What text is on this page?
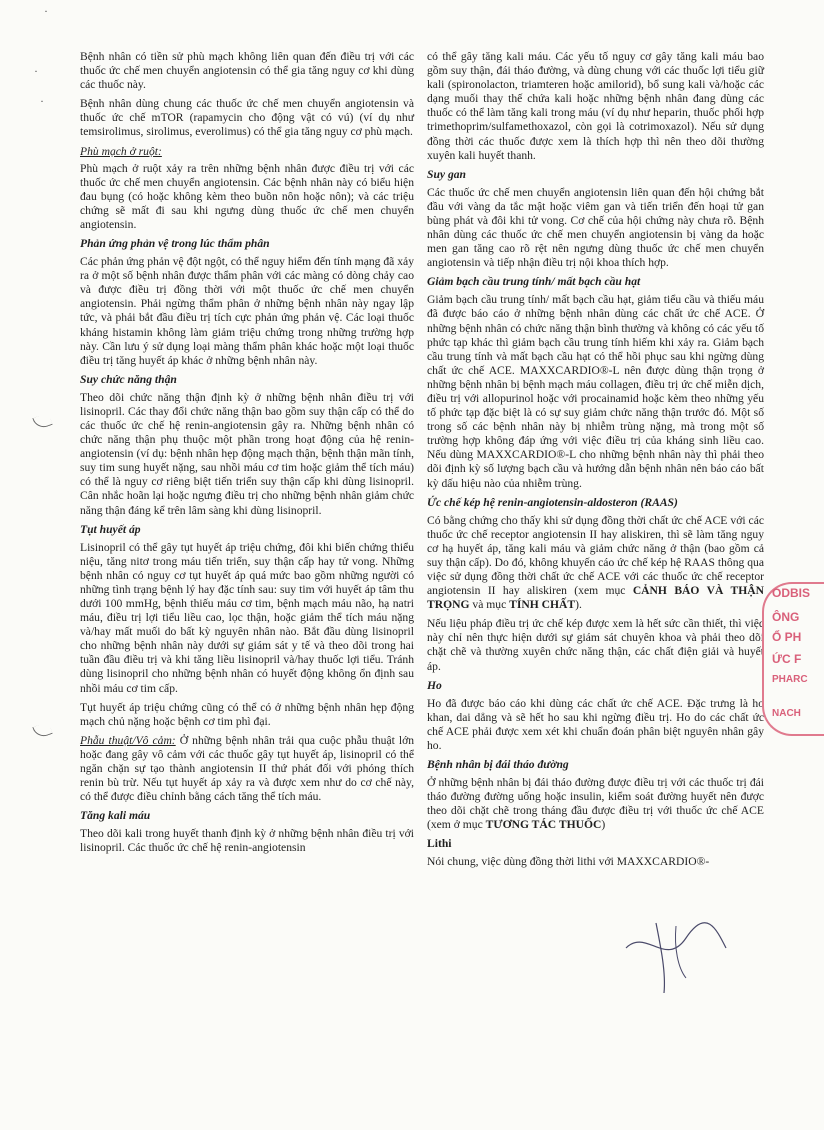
·
·
·

Bệnh nhân có tiền sử phù mạch không liên quan đến điều trị với các thuốc ức chế men chuyển angiotensin có thể gia tăng nguy cơ khi dùng các thuốc này.

Bệnh nhân dùng chung các thuốc ức chế men chuyển angiotensin và thuốc ức chế mTOR (rapamycin cho động vật có vú) (ví dụ như temsirolimus, sirolimus, everolimus) có thể gia tăng nguy cơ phù mạch.

Phù mạch ở ruột:

Phù mạch ở ruột xảy ra trên những bệnh nhân được điều trị với các thuốc ức chế men chuyển angiotensin. Các bệnh nhân này có biểu hiện đau bụng (có hoặc không kèm theo buồn nôn hoặc nôn); và các triệu chứng sẽ mất đi sau khi ngưng dùng thuốc ức chế men chuyển angiotensin.

Phản ứng phản vệ trong lúc thẩm phân

Các phản ứng phản vệ đột ngột, có thể nguy hiểm đến tính mạng đã xảy ra ở một số bệnh nhân được thẩm phân với các màng có dòng chảy cao và được điều trị đồng thời với một thuốc ức chế men chuyển angiotensin. Phải ngừng thẩm phân ở những bệnh nhân này ngay lập tức, và phải bắt đầu điều trị tích cực phản ứng phản vệ. Các loại thuốc kháng histamin không làm giảm triệu chứng trong những trường hợp này. Cần lưu ý sử dụng loại màng thẩm phân khác hoặc một loại thuốc điều trị tăng huyết áp khác ở những bệnh nhân này.

Suy chức năng thận

Theo dõi chức năng thận định kỳ ở những bệnh nhân điều trị với lisinopril. Các thay đổi chức năng thận bao gồm suy thận cấp có thể do các thuốc ức chế hệ renin-angiotensin gây ra. Những bệnh nhân có chức năng thận phụ thuộc một phần trong hoạt động của hệ renin-angiotensin (ví dụ: bệnh nhân hẹp động mạch thận, bệnh thận mãn tính, suy tim sung huyết nặng, sau nhồi máu cơ tim hoặc giảm thể tích máu) có thể là nguy cơ riêng biệt tiến triển suy thận cấp khi dùng lisinopril. Cân nhắc hoãn lại hoặc ngưng điều trị cho những bệnh nhân giảm chức năng thận đáng kể trên lâm sàng khi dùng lisinopril.

Tụt huyết áp

Lisinopril có thể gây tụt huyết áp triệu chứng, đôi khi biến chứng thiểu niệu, tăng nitơ trong máu tiến triển, suy thận cấp hay tử vong. Những bệnh nhân có nguy cơ tụt huyết áp quá mức bao gồm những người có những tình trạng bệnh lý hay đặc tính sau: suy tim với huyết áp tâm thu dưới 100 mmHg, bệnh thiếu máu cơ tim, bệnh mạch máu não, hạ natri máu, điều trị lợi tiểu liều cao, lọc thận, hoặc giảm thể tích máu nặng và/hay mất muối do bất kỳ nguyên nhân nào. Bắt đầu dùng lisinopril cho những bệnh nhân này dưới sự giám sát y tế và theo dõi trong hai tuần đầu điều trị và khi tăng liều lisinopril và/hay thuốc lợi tiểu. Tránh dùng lisinopril cho những bệnh nhân có huyết động không ổn định sau nhồi máu cơ tim cấp.

Tụt huyết áp triệu chứng cũng có thể có ở những bệnh nhân hẹp động mạch chủ nặng hoặc bệnh cơ tim phì đại.

Phẫu thuật/Vô cảm: Ở những bệnh nhân trải qua cuộc phẫu thuật lớn hoặc đang gây vô cảm với các thuốc gây tụt huyết áp, lisinopril có thể ngăn chặn sự tạo thành angiotensin II thứ phát đối với phóng thích renin bù trừ. Nếu tụt huyết áp xảy ra và được xem như do cơ chế này, có thể được điều chỉnh bằng cách tăng thể tích máu.

Tăng kali máu

Theo dõi kali trong huyết thanh định kỳ ở những bệnh nhân điều trị với lisinopril. Các thuốc ức chế hệ renin-angiotensin

có thể gây tăng kali máu. Các yếu tố nguy cơ gây tăng kali máu bao gồm suy thận, đái tháo đường, và dùng chung với các thuốc lợi tiểu giữ kali (spironolacton, triamteren hoặc amilorid), bổ sung kali và/hoặc các dạng muối thay thế chứa kali hoặc những bệnh nhân đang dùng các thuốc có thể làm tăng kali trong máu (ví dụ như heparin, thuốc phối hợp trimethoprim/sulfamethoxazol, còn gọi là cotrimoxazol). Nếu sử dụng đồng thời các thuốc được xem là thích hợp thì nên theo dõi thường xuyên kali huyết thanh.

Suy gan

Các thuốc ức chế men chuyển angiotensin liên quan đến hội chứng bắt đầu với vàng da tắc mật hoặc viêm gan và tiến triển đến hoại tử gan bùng phát và đôi khi tử vong. Cơ chế của hội chứng này chưa rõ. Bệnh nhân dùng các thuốc ức chế men chuyển angiotensin bị vàng da hoặc men gan tăng cao rõ rệt nên ngưng dùng thuốc ức chế men chuyển angiotensin và tiếp nhận điều trị nội khoa thích hợp.

Giảm bạch cầu trung tính/ mất bạch cầu hạt

Giảm bạch cầu trung tính/ mất bạch cầu hạt, giảm tiểu cầu và thiếu máu đã được báo cáo ở những bệnh nhân dùng các chất ức chế ACE. Ở những bệnh nhân có chức năng thận bình thường và không có các yếu tố phức tạp khác thì giảm bạch cầu trung tính hiếm khi xảy ra. Giảm bạch cầu trung tính và mất bạch cầu hạt có thể hồi phục sau khi ngừng dùng chất ức chế ACE. MAXXCARDIO®-L nên được dùng thận trọng ở những bệnh nhân bị bệnh mạch máu collagen, điều trị ức chế miễn dịch, điều trị với allopurinol hoặc với procainamid hoặc kèm theo những yếu tố phức tạp đặc biệt là có sự suy giảm chức năng thận trước đó. Một số trong số các bệnh nhân này bị nhiễm trùng nặng, mà trong một số trường hợp không đáp ứng với việc điều trị của kháng sinh liều cao. Nếu dùng MAXXCARDIO®-L cho những bệnh nhân này thì phải theo dõi định kỳ số lượng bạch cầu và hướng dẫn bệnh nhân nên báo cáo bất kỳ dấu hiệu nào của nhiễm trùng.

Ức chế kép hệ renin-angiotensin-aldosteron (RAAS)

Có bằng chứng cho thấy khi sử dụng đồng thời chất ức chế ACE với các thuốc ức chế receptor angiotensin II hay aliskiren, thì sẽ làm tăng nguy cơ hạ huyết áp, tăng kali máu và giảm chức năng ở thận (bao gồm cả suy thận cấp). Do đó, không khuyến cáo ức chế kép hệ RAAS thông qua việc sử dụng đồng thời chất ức chế ACE với các thuốc ức chế receptor angiotensin II hay aliskiren (xem mục CẢNH BÁO VÀ THẬN TRỌNG và mục TÍNH CHẤT).

Nếu liệu pháp điều trị ức chế kép được xem là hết sức cần thiết, thì việc này chỉ nên thực hiện dưới sự giám sát chuyên khoa và phải theo dõi chặt chẽ và thường xuyên chức năng thận, các chất điện giải và huyết áp.

Ho

Ho đã được báo cáo khi dùng các chất ức chế ACE. Đặc trưng là ho khan, dai dẳng và sẽ hết ho sau khi ngừng điều trị. Ho do các chất ức chế ACE phải được xem xét khi chuẩn đoán phân biệt nguyên nhân gây ho.

Bệnh nhân bị đái tháo đường

Ở những bệnh nhân bị đái tháo đường được điều trị với các thuốc trị đái tháo đường đường uống hoặc insulin, kiểm soát đường huyết nên được theo dõi chặt chẽ trong tháng đầu được điều trị với thuốc ức chế ACE (xem ở mục TƯƠNG TÁC THUỐC)

Lithi

Nói chung, việc dùng đồng thời lithi với MAXXCARDIO®-

ODBIS
ÔNG
Ổ PH
ỨC F
PHARC
NACH
